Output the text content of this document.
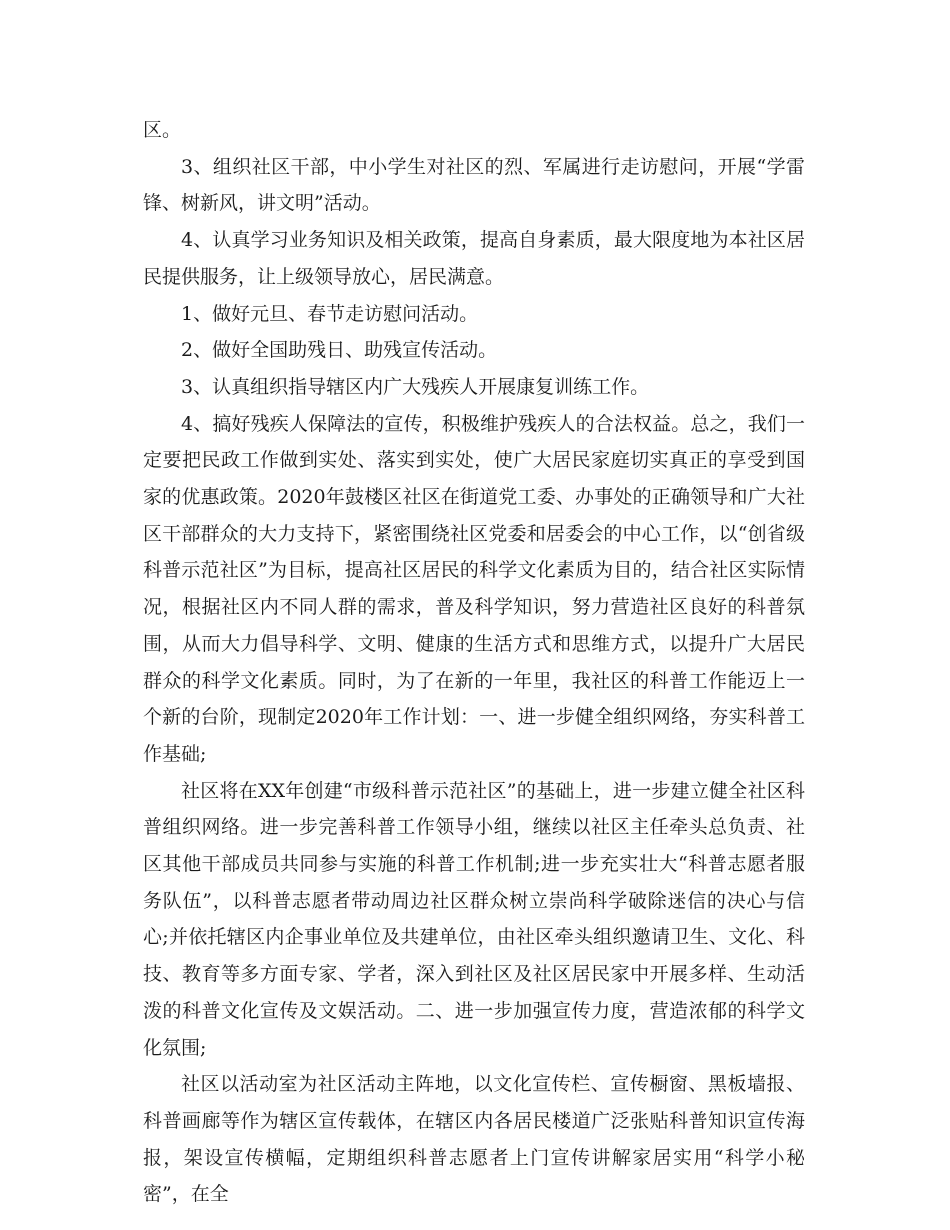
区。

3、组织社区干部，中小学生对社区的烈、军属进行走访慰问，开展“学雷锋、树新风，讲文明”活动。

4、认真学习业务知识及相关政策，提高自身素质，最大限度地为本社区居民提供服务，让上级领导放心，居民满意。

1、做好元旦、春节走访慰问活动。

2、做好全国助残日、助残宣传活动。

3、认真组织指导辖区内广大残疾人开展康复训练工作。

4、搞好残疾人保障法的宣传，积极维护残疾人的合法权益。总之，我们一定要把民政工作做到实处、落实到实处，使广大居民家庭切实真正的享受到国家的优惠政策。2020年鼓楼区社区在街道党工委、办事处的正确领导和广大社区干部群众的大力支持下，紧密围绕社区党委和居委会的中心工作，以“创省级科普示范社区”为目标，提高社区居民的科学文化素质为目的，结合社区实际情况，根据社区内不同人群的需求，普及科学知识，努力营造社区良好的科普氛围，从而大力倡导科学、文明、健康的生活方式和思维方式，以提升广大居民群众的科学文化素质。同时，为了在新的一年里，我社区的科普工作能迈上一个新的台阶，现制定2020年工作计划：一、进一步健全组织网络，夯实科普工作基础;

社区将在XX年创建“市级科普示范社区”的基础上，进一步建立健全社区科普组织网络。进一步完善科普工作领导小组，继续以社区主任牵头总负责、社区其他干部成员共同参与实施的科普工作机制;进一步充实壮大“科普志愿者服务队伍”，以科普志愿者带动周边社区群众树立崇尚科学破除迷信的决心与信心;并依托辖区内企事业单位及共建单位，由社区牵头组织邀请卫生、文化、科技、教育等多方面专家、学者，深入到社区及社区居民家中开展多样、生动活泼的科普文化宣传及文娱活动。二、进一步加强宣传力度，营造浓郁的科学文化氛围;

社区以活动室为社区活动主阵地，以文化宣传栏、宣传橱窗、黑板墙报、科普画廊等作为辖区宣传载体，在辖区内各居民楼道广泛张贴科普知识宣传海报，架设宣传横幅，定期组织科普志愿者上门宣传讲解家居实用“科学小秘密”，在全
